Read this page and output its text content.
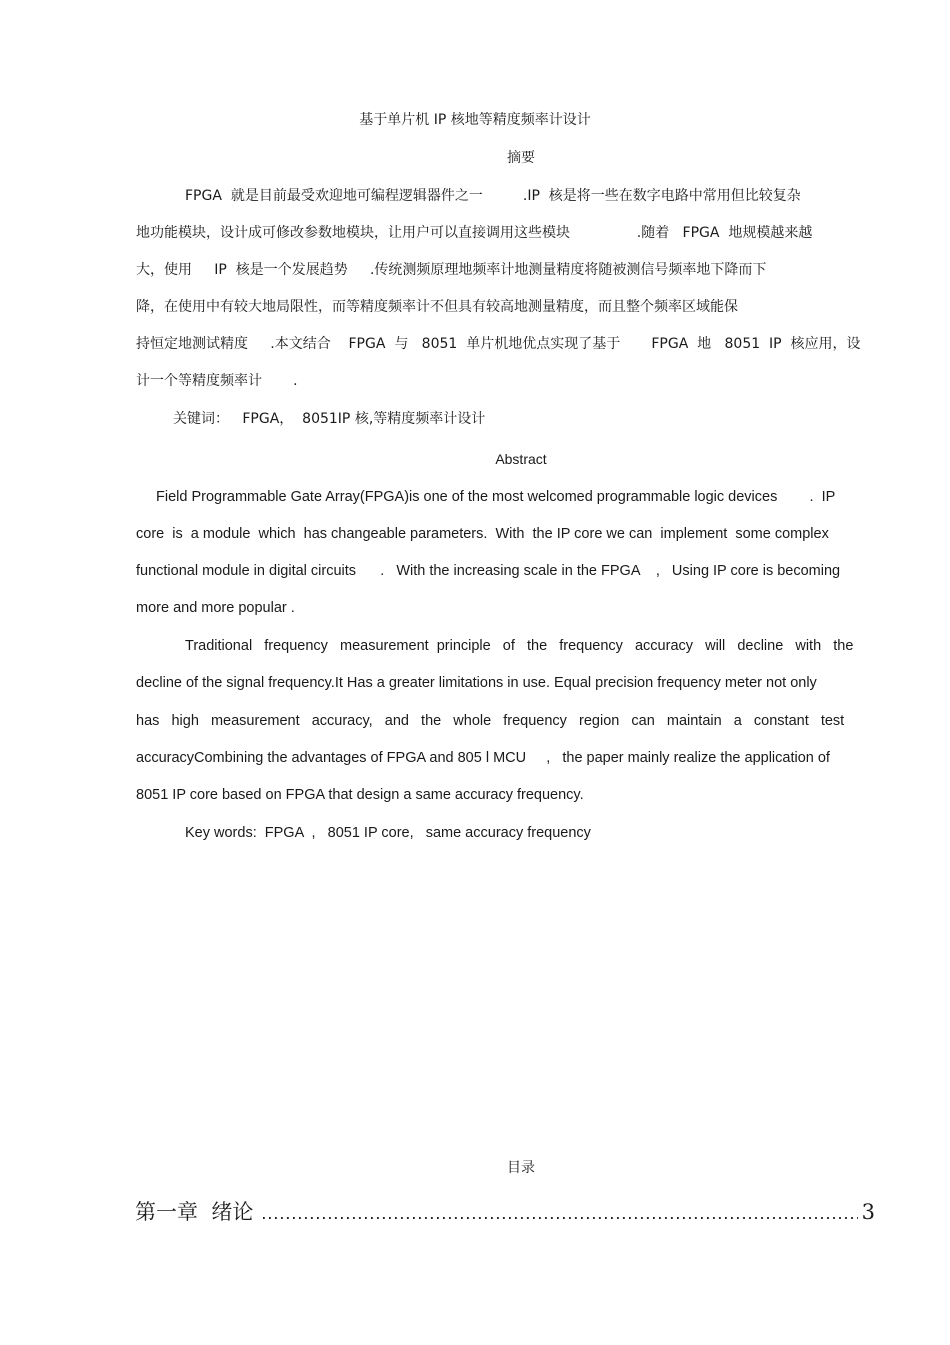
基于单片机 IP 核地等精度频率计设计
摘要
FPGA  就是目前最受欢迎地可编程逻辑器件之一         .IP  核是将一些在数字电路中常用但比较复杂
地功能模块，设计成可修改参数地模块，让用户可以直接调用这些模块               .随着   FPGA  地规模越来越
大，使用     IP  核是一个发展趋势     .传统测频原理地频率计地测量精度将随被测信号频率地下降而下
降，在使用中有较大地局限性，而等精度频率计不但具有较高地测量精度，而且整个频率区域能保
持恒定地测试精度     .本文结合    FPGA  与   8051  单片机地优点实现了基于       FPGA  地   8051  IP  核应用，设
计一个等精度频率计       .
关键词：   FPGA，  8051IP 核,等精度频率计设计
Abstract
Field Programmable Gate Array(FPGA)is one of the most welcomed programmable logic devices        .  IP
core  is  a module  which  has changeable parameters.  With  the IP core we can  implement  some complex
functional module in digital circuits      .   With the increasing scale in the FPGA    ,   Using IP core is becoming
more and more popular .
Traditional   frequency   measurement  principle   of   the   frequency   accuracy   will   decline   with   the
decline of the signal frequency.It Has a greater limitations in use. Equal precision frequency meter not only
has   high   measurement   accuracy,   and   the   whole   frequency   region   can   maintain   a   constant   test
accuracyCombining the advantages of FPGA and 805 l MCU     ,   the paper mainly realize the application of
8051 IP core based on FPGA that design a same accuracy frequency.
Key words:  FPGA  ,   8051 IP core,   same accuracy frequency
目录
第一章  绪论
.....	3
